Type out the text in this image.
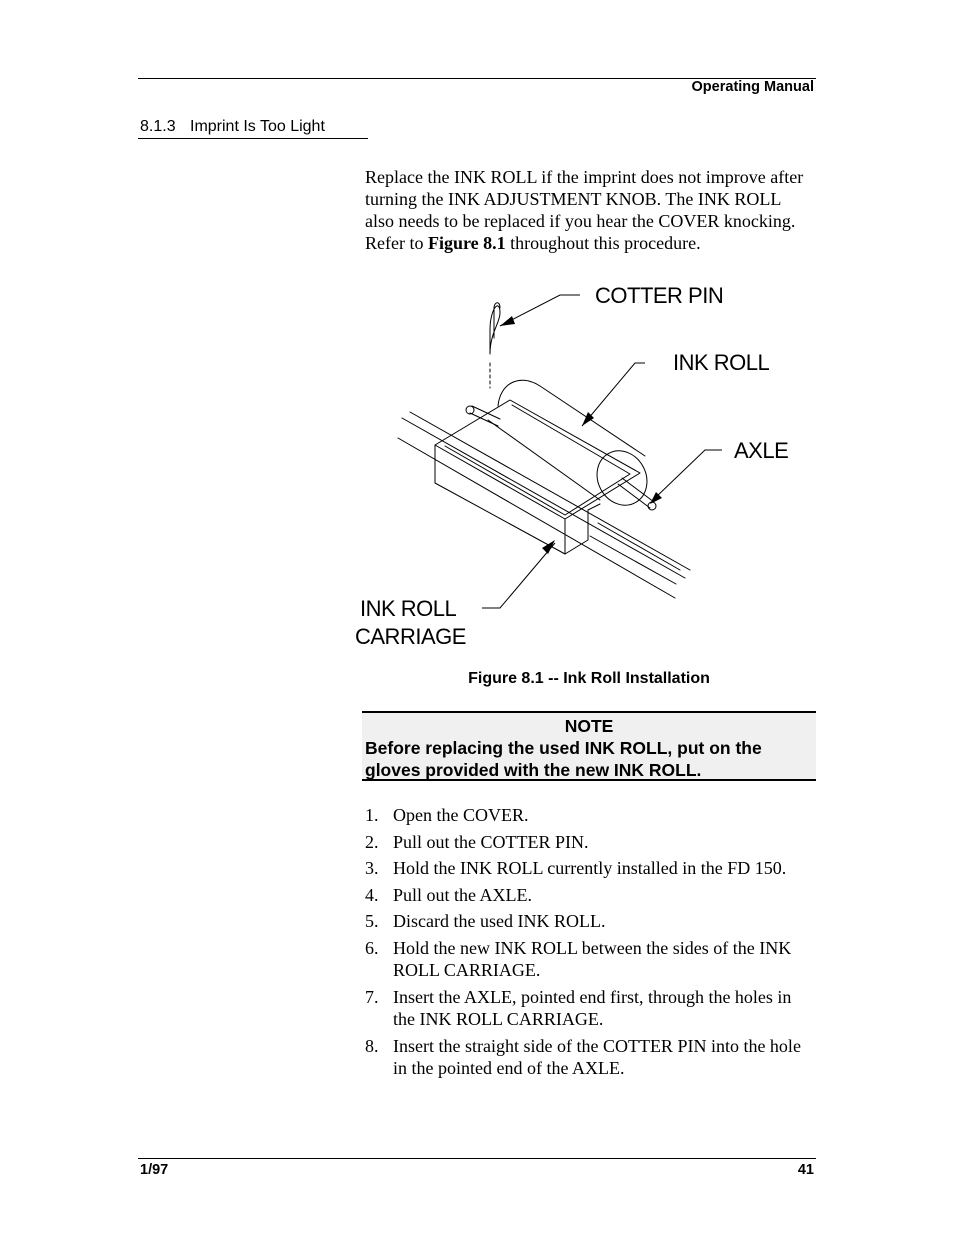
Operating Manual
8.1.3 Imprint Is Too Light
Replace the INK ROLL if the imprint does not improve after turning the INK ADJUSTMENT KNOB. The INK ROLL also needs to be replaced if you hear the COVER knocking. Refer to Figure 8.1 throughout this procedure.
COTTER PIN
INK ROLL
AXLE
INK ROLL
CARRIAGE
Figure 8.1 -- Ink Roll Installation
NOTE
Before replacing the used INK ROLL, put on the gloves provided with the new INK ROLL.
1. Open the COVER.
2. Pull out the COTTER PIN.
3. Hold the INK ROLL currently installed in the FD 150.
4. Pull out the AXLE.
5. Discard the used INK ROLL.
6. Hold the new INK ROLL between the sides of the INK ROLL CARRIAGE.
7. Insert the AXLE, pointed end first, through the holes in the INK ROLL CARRIAGE.
8. Insert the straight side of the COTTER PIN into the hole in the pointed end of the AXLE.
1/97	41
